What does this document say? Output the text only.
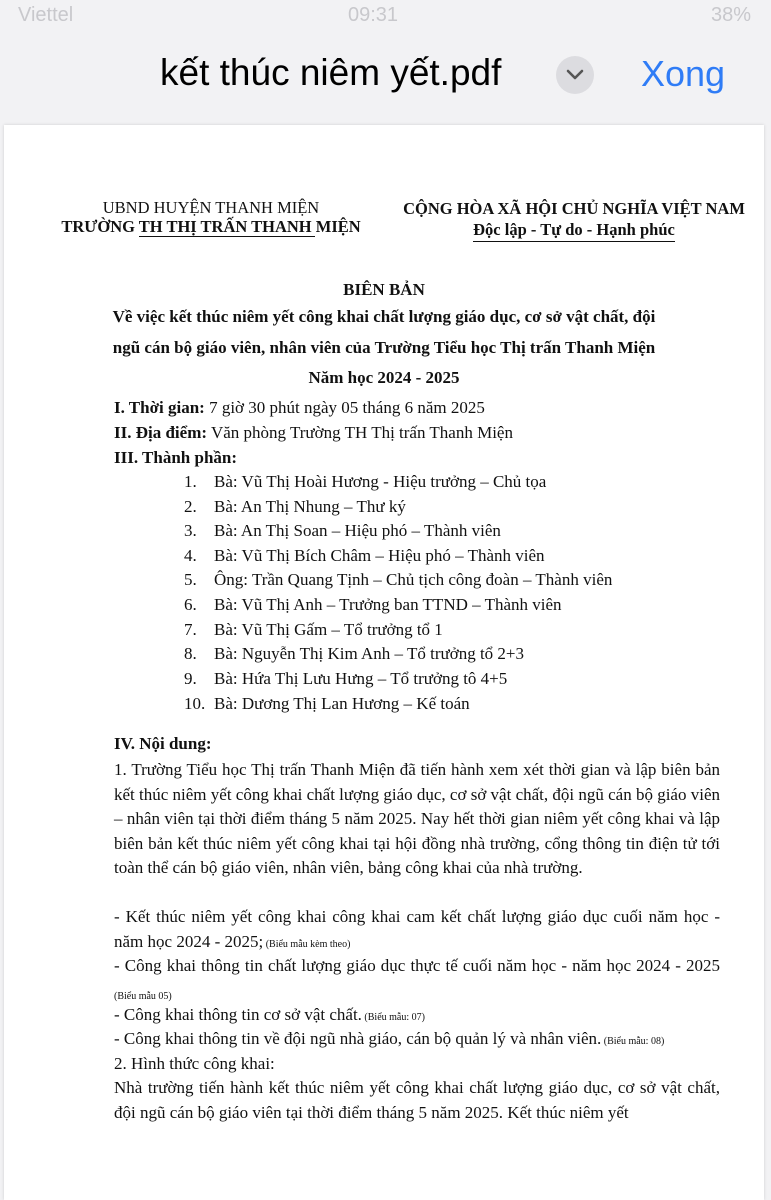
Viettel	09:31	38%
kết thúc niêm yết.pdf	Xong
UBND HUYỆN THANH MIỆN
TRƯỜNG TH THỊ TRẤN THANH MIỆN
CỘNG HÒA XÃ HỘI CHỦ NGHĨA VIỆT NAM
Độc lập - Tự do - Hạnh phúc
BIÊN BẢN
Về việc kết thúc niêm yết công khai chất lượng giáo dục, cơ sở vật chất, đội
ngũ cán bộ giáo viên, nhân viên của Trường Tiểu học Thị trấn Thanh Miện
Năm học 2024 - 2025
I. Thời gian: 7 giờ 30 phút ngày 05 tháng 6 năm 2025
II. Địa điểm: Văn phòng Trường TH Thị trấn Thanh Miện
III. Thành phần:
1. Bà: Vũ Thị Hoài Hương - Hiệu trưởng – Chủ tọa
2. Bà: An Thị Nhung – Thư ký
3. Bà: An Thị Soan – Hiệu phó – Thành viên
4. Bà: Vũ Thị Bích Châm – Hiệu phó – Thành viên
5. Ông: Trần Quang Tịnh – Chủ tịch công đoàn – Thành viên
6. Bà: Vũ Thị Anh – Trưởng ban TTND – Thành viên
7. Bà: Vũ Thị Gấm – Tổ trưởng tổ 1
8. Bà: Nguyễn Thị Kim Anh – Tổ trưởng tổ 2+3
9. Bà: Hứa Thị Lưu Hưng – Tổ trưởng tô 4+5
10. Bà: Dương Thị Lan Hương – Kế toán
IV. Nội dung:
1. Trường Tiểu học Thị trấn Thanh Miện đã tiến hành xem xét thời gian và lập biên bản kết thúc niêm yết công khai chất lượng giáo dục, cơ sở vật chất, đội ngũ cán bộ giáo viên – nhân viên tại thời điểm tháng 5 năm 2025. Nay hết thời gian niêm yết công khai và lập biên bản kết thúc niêm yết công khai tại hội đồng nhà trường, cổng thông tin điện tử tới toàn thể cán bộ giáo viên, nhân viên, bảng công khai của nhà trường.
- Kết thúc niêm yết công khai công khai cam kết chất lượng giáo dục cuối năm học - năm học 2024 - 2025; (Biểu mẫu kèm theo)
- Công khai thông tin chất lượng giáo dục thực tế cuối năm học - năm học 2024 - 2025 (Biểu mẫu 05)
- Công khai thông tin cơ sở vật chất. (Biểu mẫu: 07)
- Công khai thông tin về đội ngũ nhà giáo, cán bộ quản lý và nhân viên. (Biểu mẫu: 08)
2. Hình thức công khai:
Nhà trường tiến hành kết thúc niêm yết công khai chất lượng giáo dục, cơ sở vật chất, đội ngũ cán bộ giáo viên tại thời điểm tháng 5 năm 2025. Kết thúc niêm yết
